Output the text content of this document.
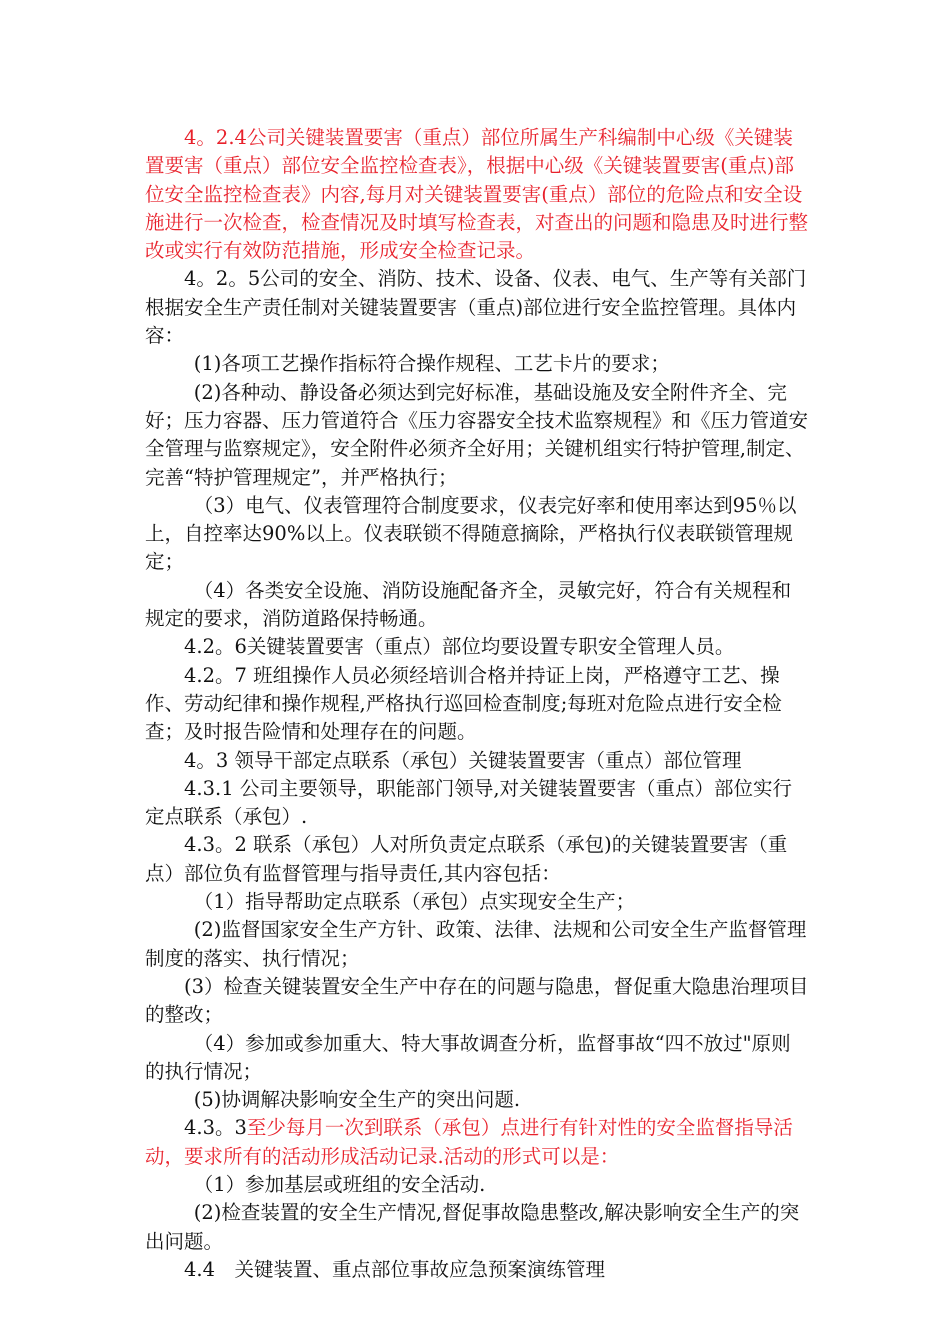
4。2.4公司关键装置要害（重点）部位所属生产科编制中心级《关键装置要害（重点）部位安全监控检查表》，根据中心级《关键装置要害(重点)部位安全监控检查表》内容,每月对关键装置要害(重点）部位的危险点和安全设施进行一次检查，检查情况及时填写检查表，对查出的问题和隐患及时进行整改或实行有效防范措施，形成安全检查记录。

4。2。5公司的安全、消防、技术、设备、仪表、电气、生产等有关部门根据安全生产责任制对关键装置要害（重点)部位进行安全监控管理。具体内容：

(1)各项工艺操作指标符合操作规程、工艺卡片的要求；

(2)各种动、静设备必须达到完好标准，基础设施及安全附件齐全、完好；压力容器、压力管道符合《压力容器安全技术监察规程》和《压力管道安全管理与监察规定》，安全附件必须齐全好用；关键机组实行特护管理,制定、完善“特护管理规定”，并严格执行；

（3）电气、仪表管理符合制度要求，仪表完好率和使用率达到95％以上，自控率达90%以上。仪表联锁不得随意摘除，严格执行仪表联锁管理规定；

（4）各类安全设施、消防设施配备齐全，灵敏完好，符合有关规程和规定的要求，消防道路保持畅通。

4.2。6关键装置要害（重点）部位均要设置专职安全管理人员。

4.2。7 班组操作人员必须经培训合格并持证上岗，严格遵守工艺、操作、劳动纪律和操作规程,严格执行巡回检查制度;每班对危险点进行安全检查；及时报告险情和处理存在的问题。

4。3 领导干部定点联系（承包）关键装置要害（重点）部位管理

4.3.1 公司主要领导，职能部门领导,对关键装置要害（重点）部位实行定点联系（承包）.

4.3。2 联系（承包）人对所负责定点联系（承包)的关键装置要害（重点）部位负有监督管理与指导责任,其内容包括：

（1）指导帮助定点联系（承包）点实现安全生产；

(2)监督国家安全生产方针、政策、法律、法规和公司安全生产监督管理制度的落实、执行情况；

(3）检查关键装置安全生产中存在的问题与隐患，督促重大隐患治理项目的整改；

（4）参加或参加重大、特大事故调查分析，监督事故“四不放过"原则的执行情况；

(5)协调解决影响安全生产的突出问题.

4.3。3至少每月一次到联系（承包）点进行有针对性的安全监督指导活动，要求所有的活动形成活动记录.活动的形式可以是：

（1）参加基层或班组的安全活动.

(2)检查装置的安全生产情况,督促事故隐患整改,解决影响安全生产的突出问题。

4.4　关键装置、重点部位事故应急预案演练管理
